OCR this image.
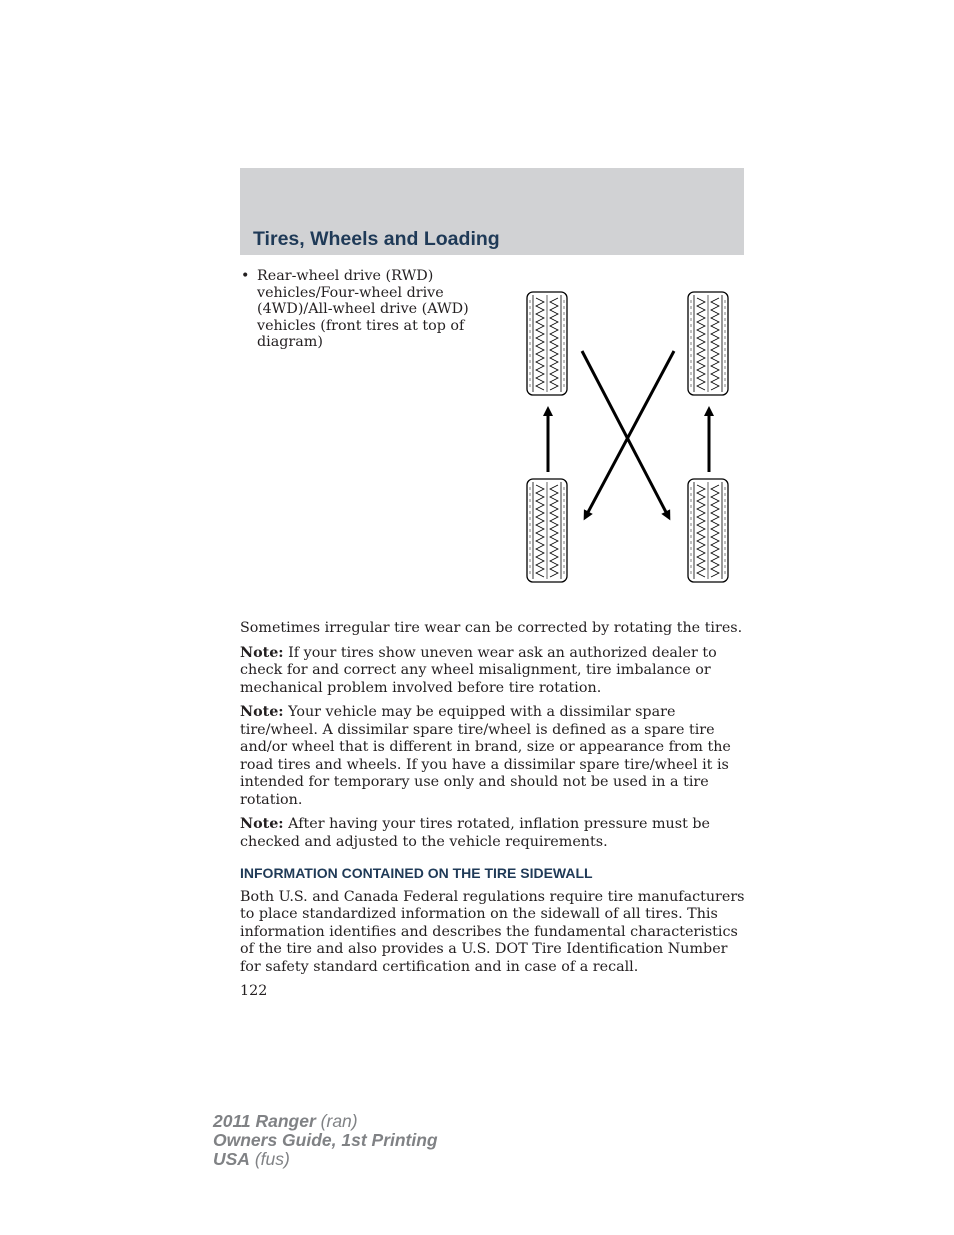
Tires, Wheels and Loading
• Rear-wheel drive (RWD) vehicles/Four-wheel drive (4WD)/All-wheel drive (AWD) vehicles (front tires at top of diagram)

Sometimes irregular tire wear can be corrected by rotating the tires.

Note: If your tires show uneven wear ask an authorized dealer to check for and correct any wheel misalignment, tire imbalance or mechanical problem involved before tire rotation.

Note: Your vehicle may be equipped with a dissimilar spare tire/wheel. A dissimilar spare tire/wheel is defined as a spare tire and/or wheel that is different in brand, size or appearance from the road tires and wheels. If you have a dissimilar spare tire/wheel it is intended for temporary use only and should not be used in a tire rotation.

Note: After having your tires rotated, inflation pressure must be checked and adjusted to the vehicle requirements.

INFORMATION CONTAINED ON THE TIRE SIDEWALL

Both U.S. and Canada Federal regulations require tire manufacturers to place standardized information on the sidewall of all tires. This information identifies and describes the fundamental characteristics of the tire and also provides a U.S. DOT Tire Identification Number for safety standard certification and in case of a recall.

122
2011 Ranger (ran)
Owners Guide, 1st Printing
USA (fus)
